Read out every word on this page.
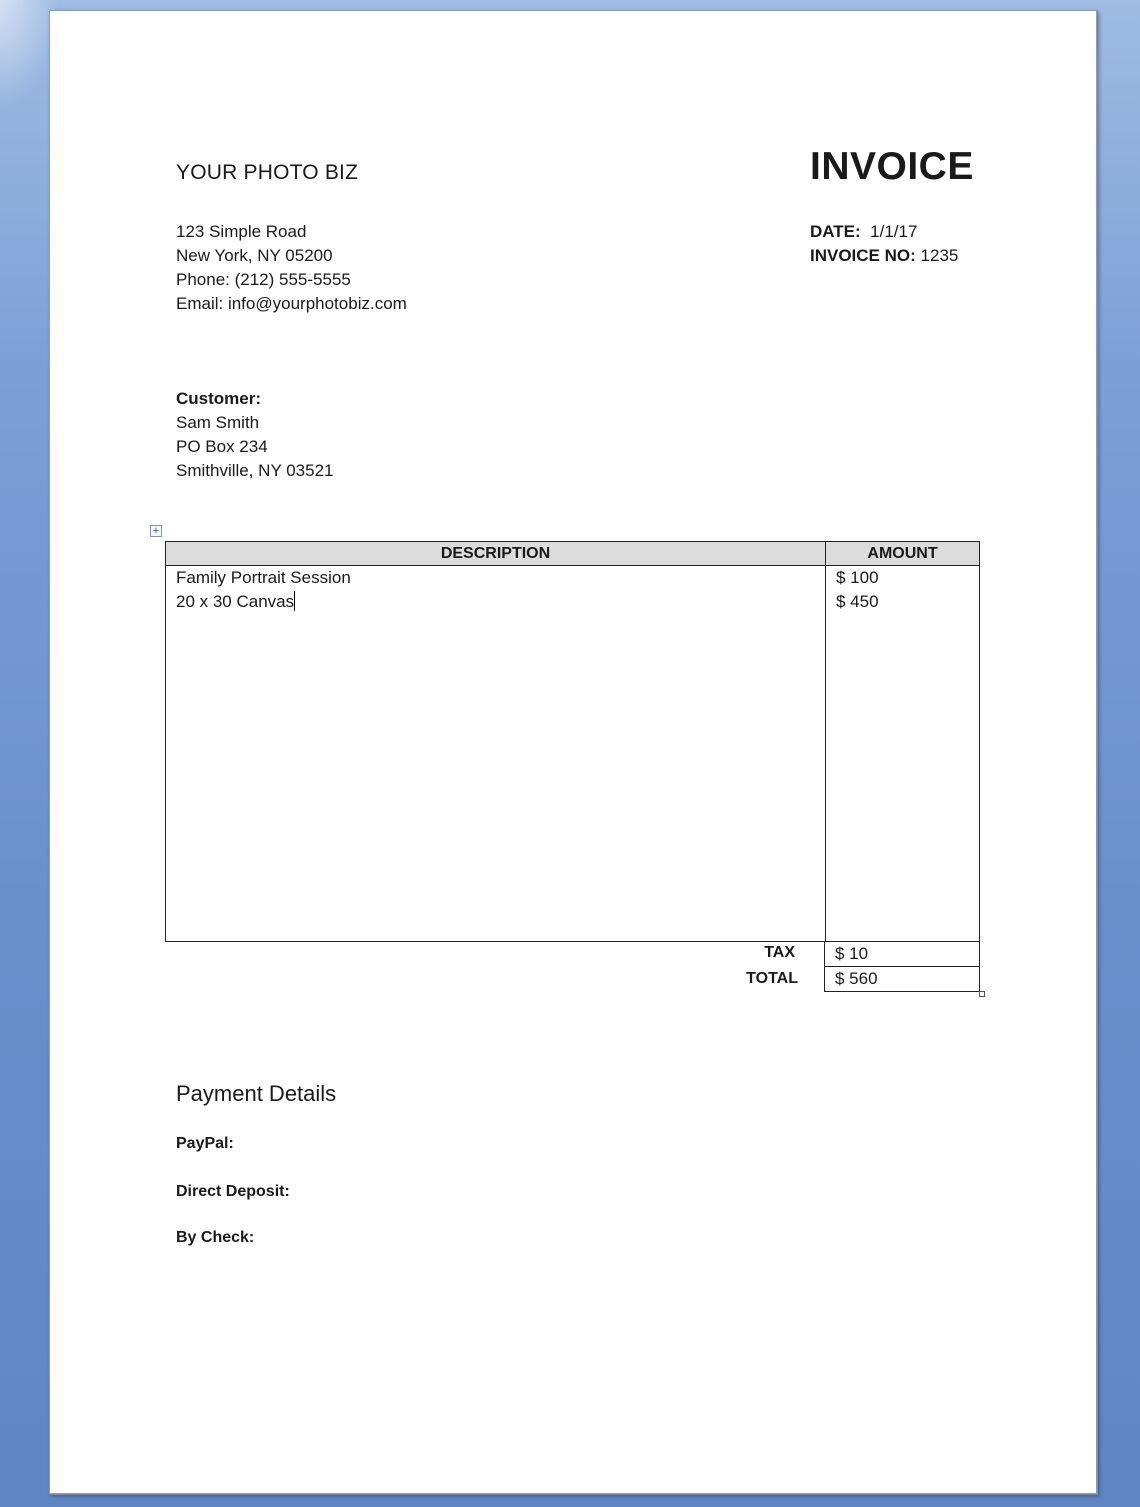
YOUR PHOTO BIZ	INVOICE
123 Simple Road
New York, NY 05200
Phone: (212) 555-5555
Email: info@yourphotobiz.com
DATE: 1/1/17
INVOICE NO: 1235
Customer:
Sam Smith
PO Box 234
Smithville, NY 03521
+
DESCRIPTION	AMOUNT
Family Portrait Session	$ 100
20 x 30 Canvas	$ 450
TAX	$ 10
TOTAL	$ 560
Payment Details
PayPal:
Direct Deposit:
By Check:
